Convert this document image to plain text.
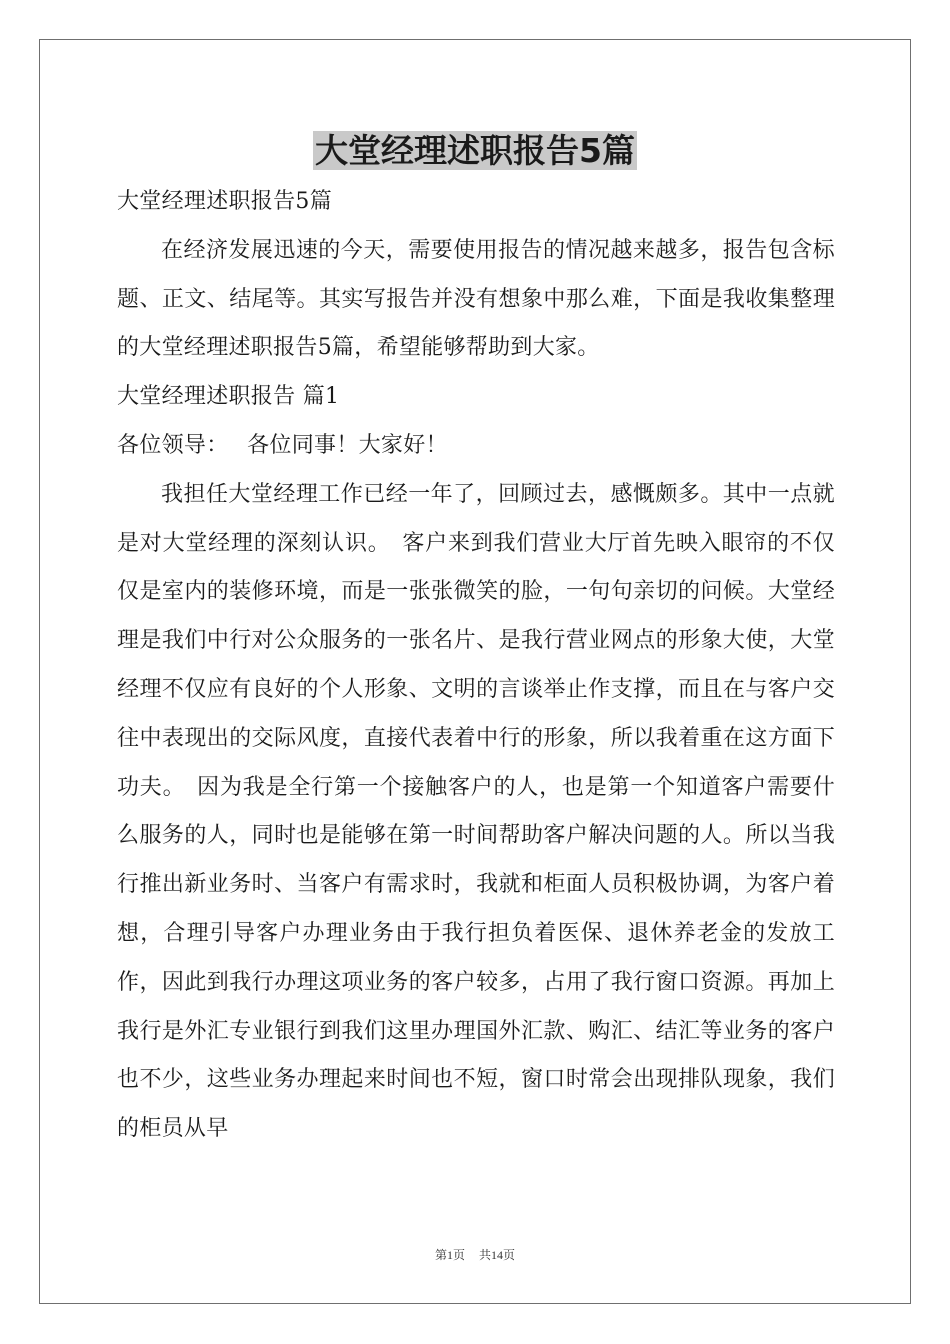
大堂经理述职报告5篇

大堂经理述职报告5篇

在经济发展迅速的今天，需要使用报告的情况越来越多，报告包含标题、正文、结尾等。其实写报告并没有想象中那么难，下面是我收集整理的大堂经理述职报告5篇，希望能够帮助到大家。

大堂经理述职报告 篇1

各位领导：　 各位同事！大家好！

我担任大堂经理工作已经一年了，回顾过去，感慨颇多。其中一点就是对大堂经理的深刻认识。　客户来到我们营业大厅首先映入眼帘的不仅仅是室内的装修环境，而是一张张微笑的脸，一句句亲切的问候。大堂经理是我们中行对公众服务的一张名片、是我行营业网点的形象大使，大堂经理不仅应有良好的个人形象、文明的言谈举止作支撑，而且在与客户交往中表现出的交际风度，直接代表着中行的形象，所以我着重在这方面下功夫。　因为我是全行第一个接触客户的人，也是第一个知道客户需要什么服务的人，同时也是能够在第一时间帮助客户解决问题的人。所以当我行推出新业务时、当客户有需求时，我就和柜面人员积极协调，为客户着想，合理引导客户办理业务由于我行担负着医保、退休养老金的发放工作，因此到我行办理这项业务的客户较多，占用了我行窗口资源。再加上我行是外汇专业银行到我们这里办理国外汇款、购汇、结汇等业务的客户也不少，这些业务办理起来时间也不短，窗口时常会出现排队现象，我们的柜员从早

第1页 共14页
